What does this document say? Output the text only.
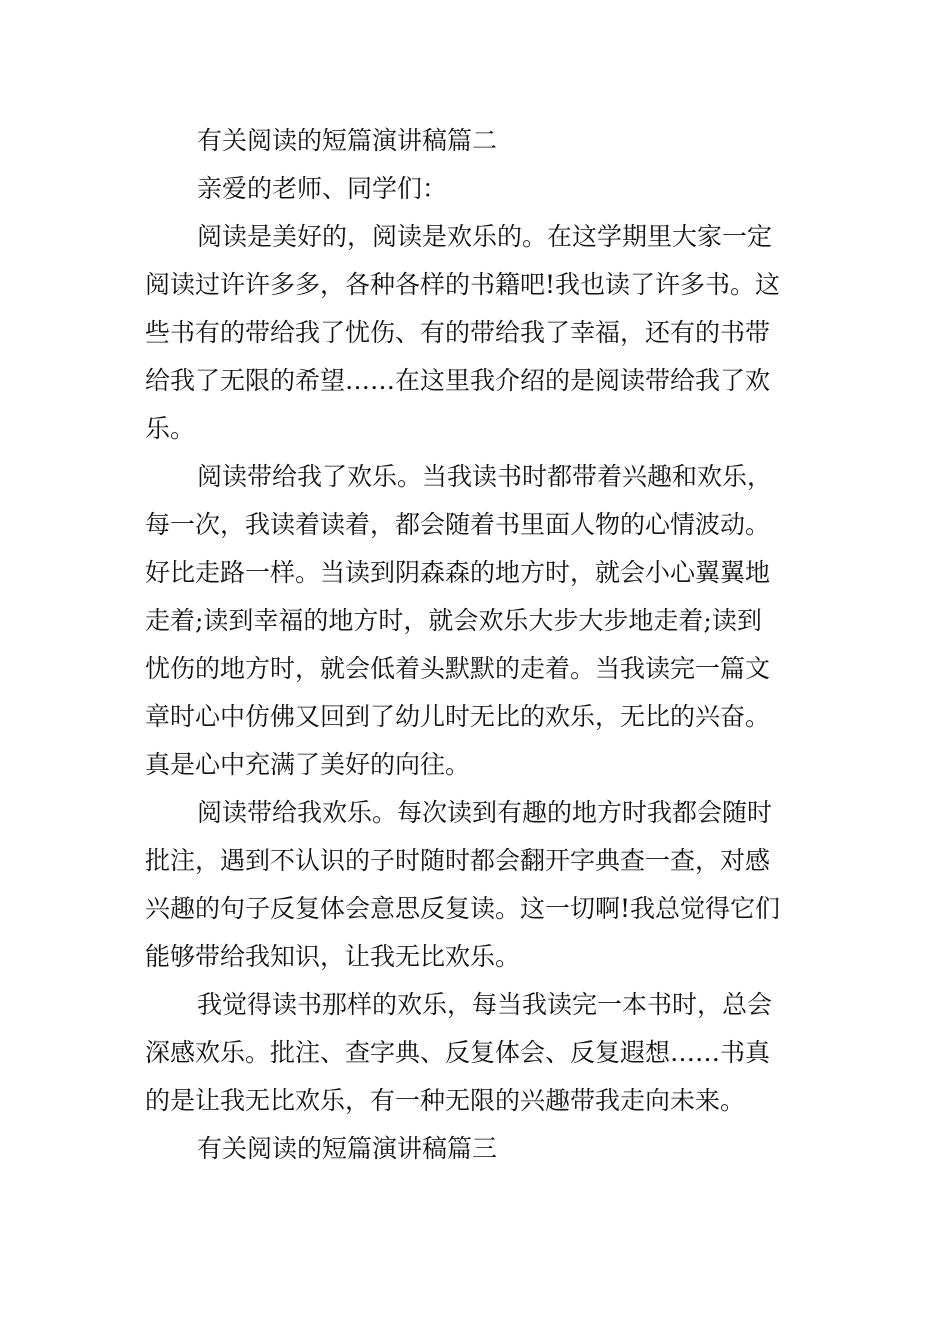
有关阅读的短篇演讲稿篇二
亲爱的老师、同学们：
阅读是美好的，阅读是欢乐的。在这学期里大家一定
阅读过许许多多，各种各样的书籍吧!我也读了许多书。这
些书有的带给我了忧伤、有的带给我了幸福，还有的书带
给我了无限的希望……在这里我介绍的是阅读带给我了欢
乐。
阅读带给我了欢乐。当我读书时都带着兴趣和欢乐，
每一次，我读着读着，都会随着书里面人物的心情波动。
好比走路一样。当读到阴森森的地方时，就会小心翼翼地
走着;读到幸福的地方时，就会欢乐大步大步地走着;读到
忧伤的地方时，就会低着头默默的走着。当我读完一篇文
章时心中仿佛又回到了幼儿时无比的欢乐，无比的兴奋。
真是心中充满了美好的向往。
阅读带给我欢乐。每次读到有趣的地方时我都会随时
批注，遇到不认识的子时随时都会翻开字典查一查，对感
兴趣的句子反复体会意思反复读。这一切啊!我总觉得它们
能够带给我知识，让我无比欢乐。
我觉得读书那样的欢乐，每当我读完一本书时，总会
深感欢乐。批注、查字典、反复体会、反复遐想……书真
的是让我无比欢乐，有一种无限的兴趣带我走向未来。
有关阅读的短篇演讲稿篇三
